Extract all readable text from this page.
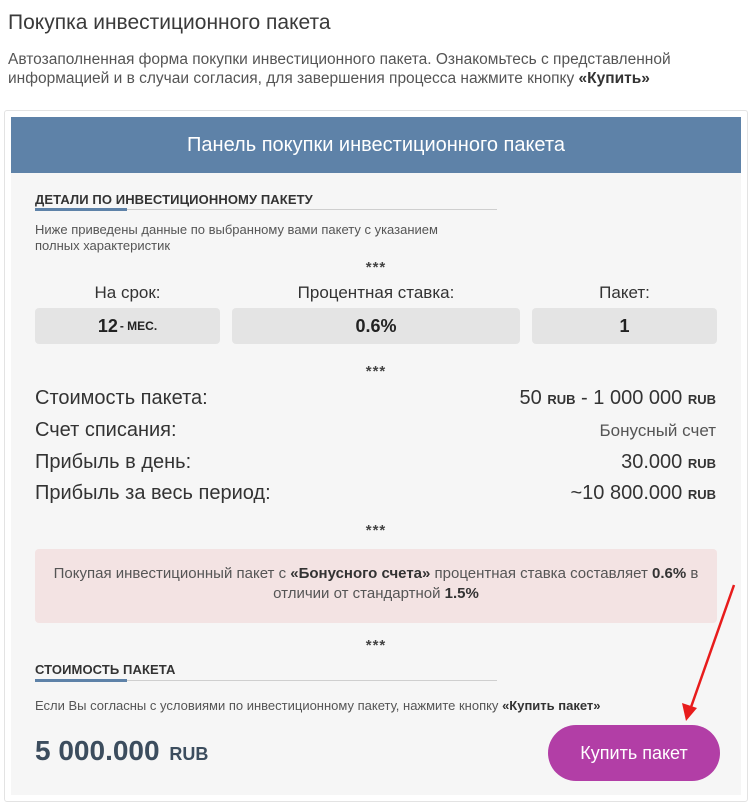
Покупка инвестиционного пакета
Автозаполненная форма покупки инвестиционного пакета. Ознакомьтесь с представленной информацией и в случаи согласия, для завершения процесса нажмите кнопку «Купить»
Панель покупки инвестиционного пакета
ДЕТАЛИ ПО ИНВЕСТИЦИОННОМУ ПАКЕТУ
Ниже приведены данные по выбранному вами пакету с указанием полных характеристик
***
На срок:	Процентная ставка:	Пакет:
12 - МЕС.	0.6%	1
***
Стоимость пакета:	50 RUB - 1 000 000 RUB
Счет списания:	Бонусный счет
Прибыль в день:	30.000 RUB
Прибыль за весь период:	~10 800.000 RUB
***
Покупая инвестиционный пакет с «Бонусного счета» процентная ставка составляет 0.6% в отличии от стандартной 1.5%
***
СТОИМОСТЬ ПАКЕТА
Если Вы согласны с условиями по инвестиционному пакету, нажмите кнопку «Купить пакет»
5 000.000 RUB	Купить пакет
